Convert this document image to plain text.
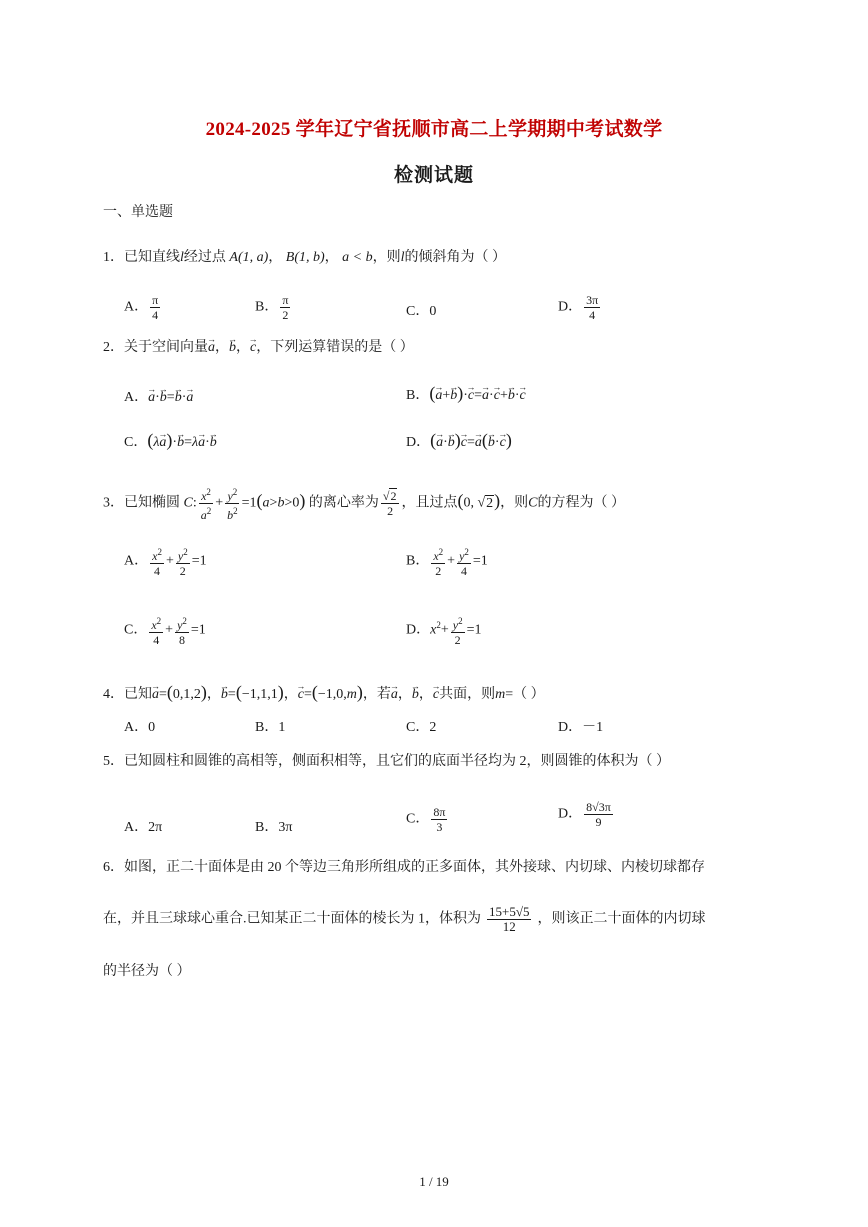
2024-2025 学年辽宁省抚顺市高二上学期期中考试数学
检测试题
一、单选题
1．已知直线l经过点 A(1, a)， B(1, b)， a < b，则l的倾斜角为（ ）
A． $\frac{\pi}{4}$	B． $\frac{\pi}{2}$	C．0	D． $\frac{3\pi}{4}$
2．关于空间向量→ a，→ b，→ c，下列运算错误的是（ ）
A．→ a·→ b=→ b·→ a	B．(→ a+→ b)·→ c=→ a·→ c+→ b·→ c
C．(λ→ a)·→ b=λ→ a·→ b	D．(→ a·→ b)→ c=→ a(→ b·→ c)
3．已知椭圆 C: $\frac{x^2}{a^2} + \frac{y^2}{b^2} =1(a>b>0)$ 的离心率为 $\frac{√2}{2}$ ，且过点(0, √2)，则C的方程为（ ）
A． $\frac{x^2}{4} + \frac{y^2}{2} =1$	B． $\frac{x^2}{2} + \frac{y^2}{4} =1$
C． $\frac{x^2}{4} + \frac{y^2}{8} =1$	D．$x^2+ \frac{y^2}{2} =1$
4．已知→ a=(0,1,2)，→ b=(−1,1,1)，→ c=(−1,0,m)，若→ a，→ b，→ c共面，则m=（ ）
A．0	B．1	C．2	D．－1
5．已知圆柱和圆锥的高相等，侧面积相等，且它们的底面半径均为 2，则圆锥的体积为（ ）
A．2π	B．3π
C． $\frac{8\pi}{3}$	D． $\frac{8√3\pi}{9}$
6．如图，正二十面体是由 20 个等边三角形所组成的正多面体，其外接球、内切球、内棱切球都存
在，并且三球球心重合.已知某正二十面体的棱长为 1，体积为 $\frac{15+5√5}{12}$ ，则该正二十面体的内切球
的半径为（ ）
1 / 19
